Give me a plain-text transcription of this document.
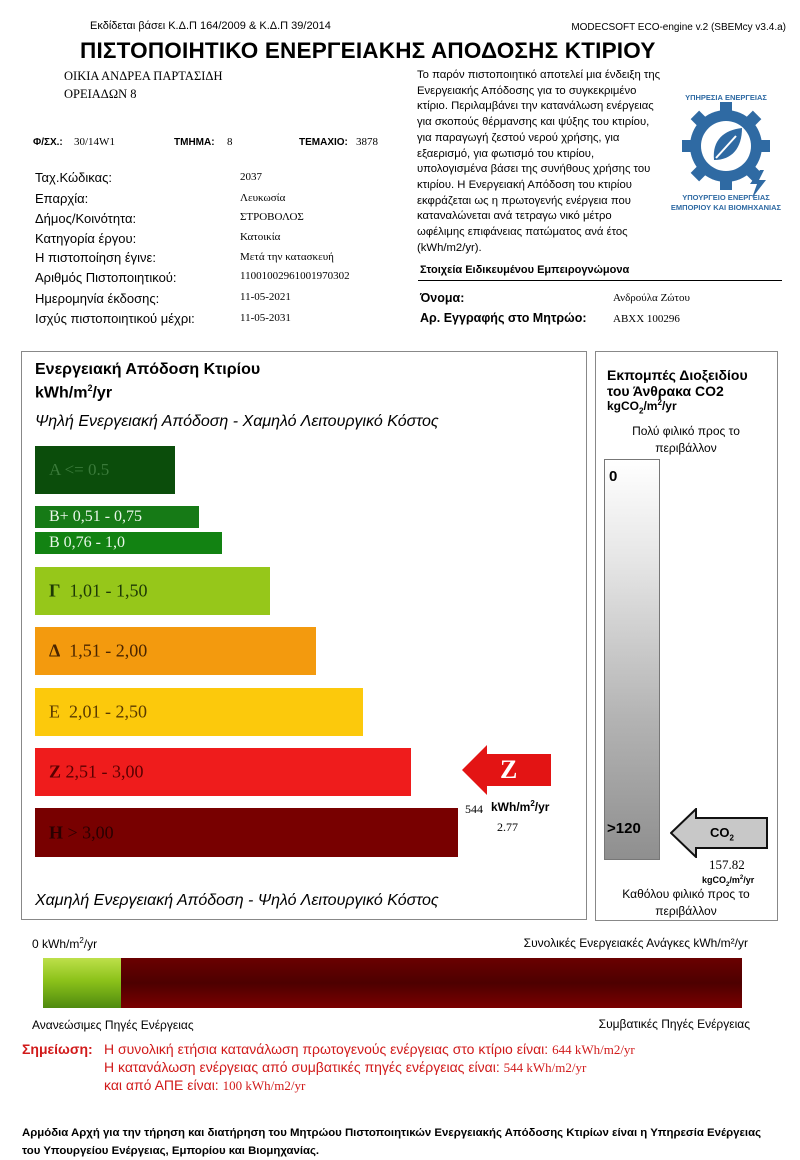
Εκδίδεται βάσει Κ.Δ.Π 164/2009 & Κ.Δ.Π 39/2014	MODECSOFT ECO-engine v.2 (SBEMcy v3.4.a)
ΠΙΣΤΟΠΟΙΗΤΙΚΟ ΕΝΕΡΓΕΙΑΚΗΣ ΑΠΟΔΟΣΗΣ ΚΤΙΡΙΟΥ
ΟΙΚΙΑ ΑΝΔΡΕΑ ΠΑΡΤΑΣΙΔΗ
ΟΡΕΙΑΔΩΝ 8
Το παρόν πιστοποιητικό αποτελεί μια ένδειξη της Ενεργειακής Απόδοσης για το συγκεκριμένο κτίριο. Περιλαμβάνει την κατανάλωση ενέργειας για σκοπούς θέρμανσης και ψύξης του κτιρίου, για παραγωγή ζεστού νερού χρήσης, για εξαερισμό, για φωτισμό του κτιρίου, υπολογισμένα βάσει της συνήθους χρήσης του κτιρίου. Η Ενεργειακή Απόδοση του κτιρίου εκφράζεται ως η πρωτογενής ενέργεια που καταναλώνεται ανά τετραγω νικό μέτρο ωφέλιμης επιφάνειας πατώματος ανά έτος (kWh/m2/yr).
ΥΠΗΡΕΣΙΑ ΕΝΕΡΓΕΙΑΣ
ΥΠΟΥΡΓΕΙΟ ΕΝΕΡΓΕΙΑΣ
ΕΜΠΟΡΙΟΥ ΚΑΙ ΒΙΟΜΗΧΑΝΙΑΣ
Φ/ΣΧ.: 30/14W1	ΤΜΗΜΑ: 8	ΤΕΜΑΧΙΟ: 3878
Ταχ.Κώδικας:	2037
Επαρχία:	Λευκωσία
Δήμος/Κοινότητα:	ΣΤΡΟΒΟΛΟΣ
Κατηγορία έργου:	Κατοικία
Η πιστοποίηση έγινε:	Μετά την κατασκευή
Αριθμός Πιστοποιητικού:	11001002961001970302
Ημερομηνία έκδοσης:	11-05-2021
Ισχύς πιστοποιητικού μέχρι:	11-05-2031
Στοιχεία Ειδικευμένου Εμπειρογνώμονα
Όνομα:	Ανδρούλα Ζώτου
Αρ. Εγγραφής στο Μητρώο: ΑΒΧΧ 100296
Ενεργειακή Απόδοση Κτιρίου
kWh/$m^2/yr$
Ψηλή Ενεργειακή Απόδοση - Χαμηλό Λειτουργικό Κόστος
A <= 0.5
B+ 0,51 - 0,75
B 0,76 - 1,0
Γ 1,01 - 1,50
Δ 1,51 - 2,00
Ε 2,01 - 2,50
Ζ 2,51 - 3,00
Η > 3,00
Z
544 kWh/$m^2/yr$
2.77
Χαμηλή Ενεργειακή Απόδοση - Ψηλό Λειτουργικό Κόστος
Εκπομπές Διοξειδίου
του Άνθρακα CO2
$kgCO_2/m^2/yr$
Πολύ φιλικό προς το περιβάλλον
0
>120	$CO_2$
157.82
$kgCO_2/m^2/yr$
Καθόλου φιλικό προς το περιβάλλον
0 kWh/$m^2/yr$	Συνολικές Ενεργειακές Ανάγκες kWh/m²/yr
Ανανεώσιμες Πηγές Ενέργειας	Συμβατικές Πηγές Ενέργειας
Σημείωση: Η συνολική ετήσια κατανάλωση πρωτογενούς ενέργειας στο κτίριο είναι: 644 kWh/m2/yr
Η κατανάλωση ενέργειας από συμβατικές πηγές ενέργειας είναι: 544 kWh/m2/yr
και από ΑΠΕ είναι: 100 kWh/m2/yr
Αρμόδια Αρχή για την τήρηση και διατήρηση του Μητρώου Πιστοποιητικών Ενεργειακής Απόδοσης Κτιρίων είναι η Υπηρεσία Ενέργειας του Υπουργείου Ενέργειας, Εμπορίου και Βιομηχανίας.
